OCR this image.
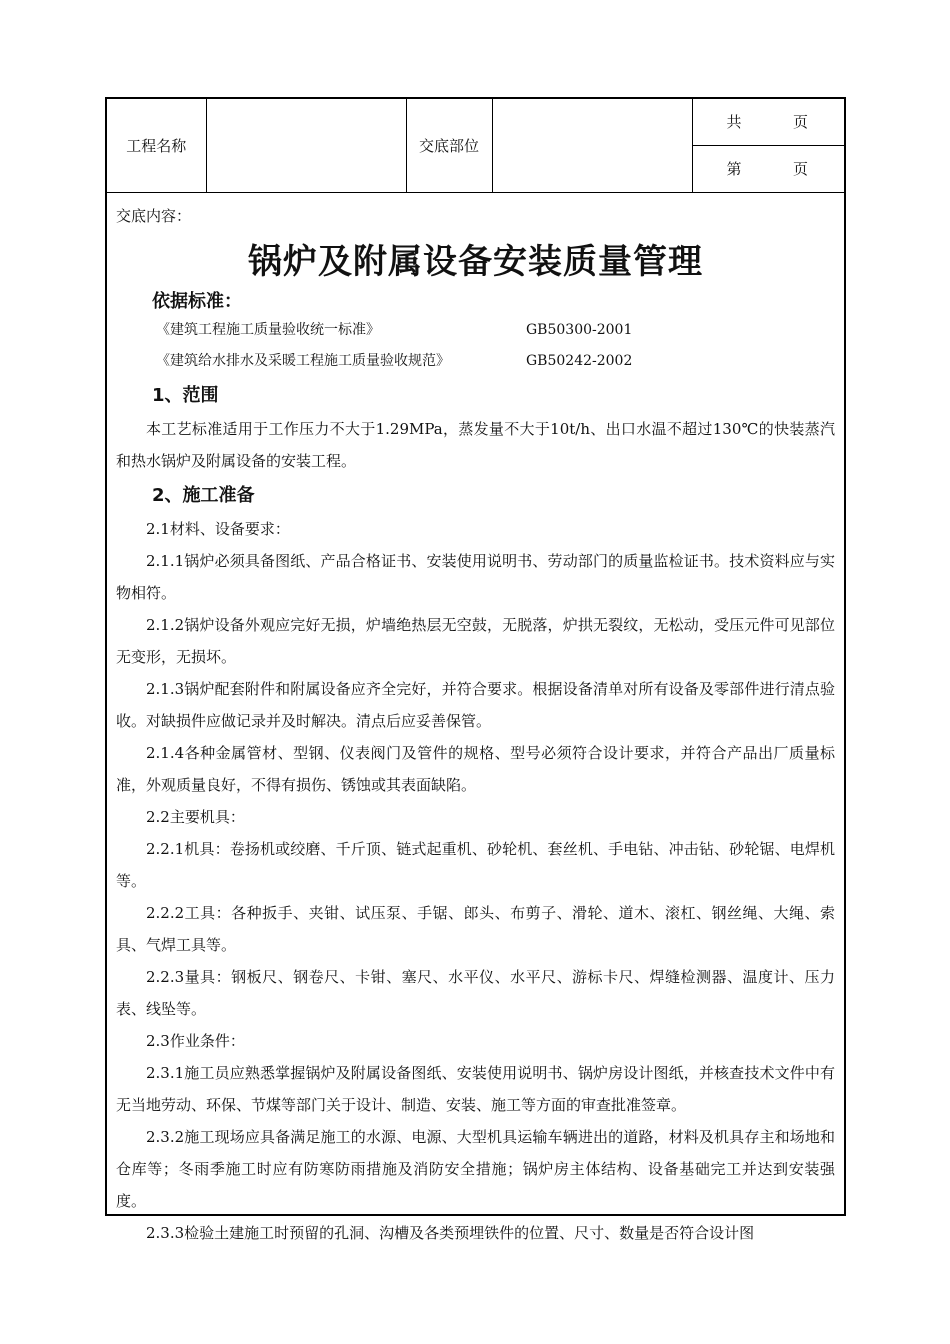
工程名称		交底部位		
共	页

第	页
交底内容：
锅炉及附属设备安装质量管理
依据标准：
《建筑工程施工质量验收统一标准》	GB50300-2001
《建筑给水排水及采暖工程施工质量验收规范》	GB50242-2002
1、范围

本工艺标准适用于工作压力不大于1.29MPa，蒸发量不大于10t/h、出口水温不超过130℃的快装蒸汽和热水锅炉及附属设备的安装工程。

2、施工准备

2.1材料、设备要求：

2.1.1锅炉必须具备图纸、产品合格证书、安装使用说明书、劳动部门的质量监检证书。技术资料应与实物相符。

2.1.2锅炉设备外观应完好无损，炉墙绝热层无空鼓，无脱落，炉拱无裂纹，无松动，受压元件可见部位无变形，无损坏。

2.1.3锅炉配套附件和附属设备应齐全完好，并符合要求。根据设备清单对所有设备及零部件进行清点验收。对缺损件应做记录并及时解决。清点后应妥善保管。

2.1.4各种金属管材、型钢、仪表阀门及管件的规格、型号必须符合设计要求，并符合产品出厂质量标准，外观质量良好，不得有损伤、锈蚀或其表面缺陷。

2.2主要机具：

2.2.1机具：卷扬机或绞磨、千斤顶、链式起重机、砂轮机、套丝机、手电钻、冲击钻、砂轮锯、电焊机等。

2.2.2工具：各种扳手、夹钳、试压泵、手锯、郎头、布剪子、滑轮、道木、滚杠、钢丝绳、大绳、索具、气焊工具等。

2.2.3量具：钢板尺、钢卷尺、卡钳、塞尺、水平仪、水平尺、游标卡尺、焊缝检测器、温度计、压力表、线坠等。

2.3作业条件：

2.3.1施工员应熟悉掌握锅炉及附属设备图纸、安装使用说明书、锅炉房设计图纸，并核查技术文件中有无当地劳动、环保、节煤等部门关于设计、制造、安装、施工等方面的审查批准签章。

2.3.2施工现场应具备满足施工的水源、电源、大型机具运输车辆进出的道路，材料及机具存主和场地和仓库等；冬雨季施工时应有防寒防雨措施及消防安全措施；锅炉房主体结构、设备基础完工并达到安装强度。

2.3.3检验土建施工时预留的孔洞、沟槽及各类预埋铁件的位置、尺寸、数量是否符合设计图
